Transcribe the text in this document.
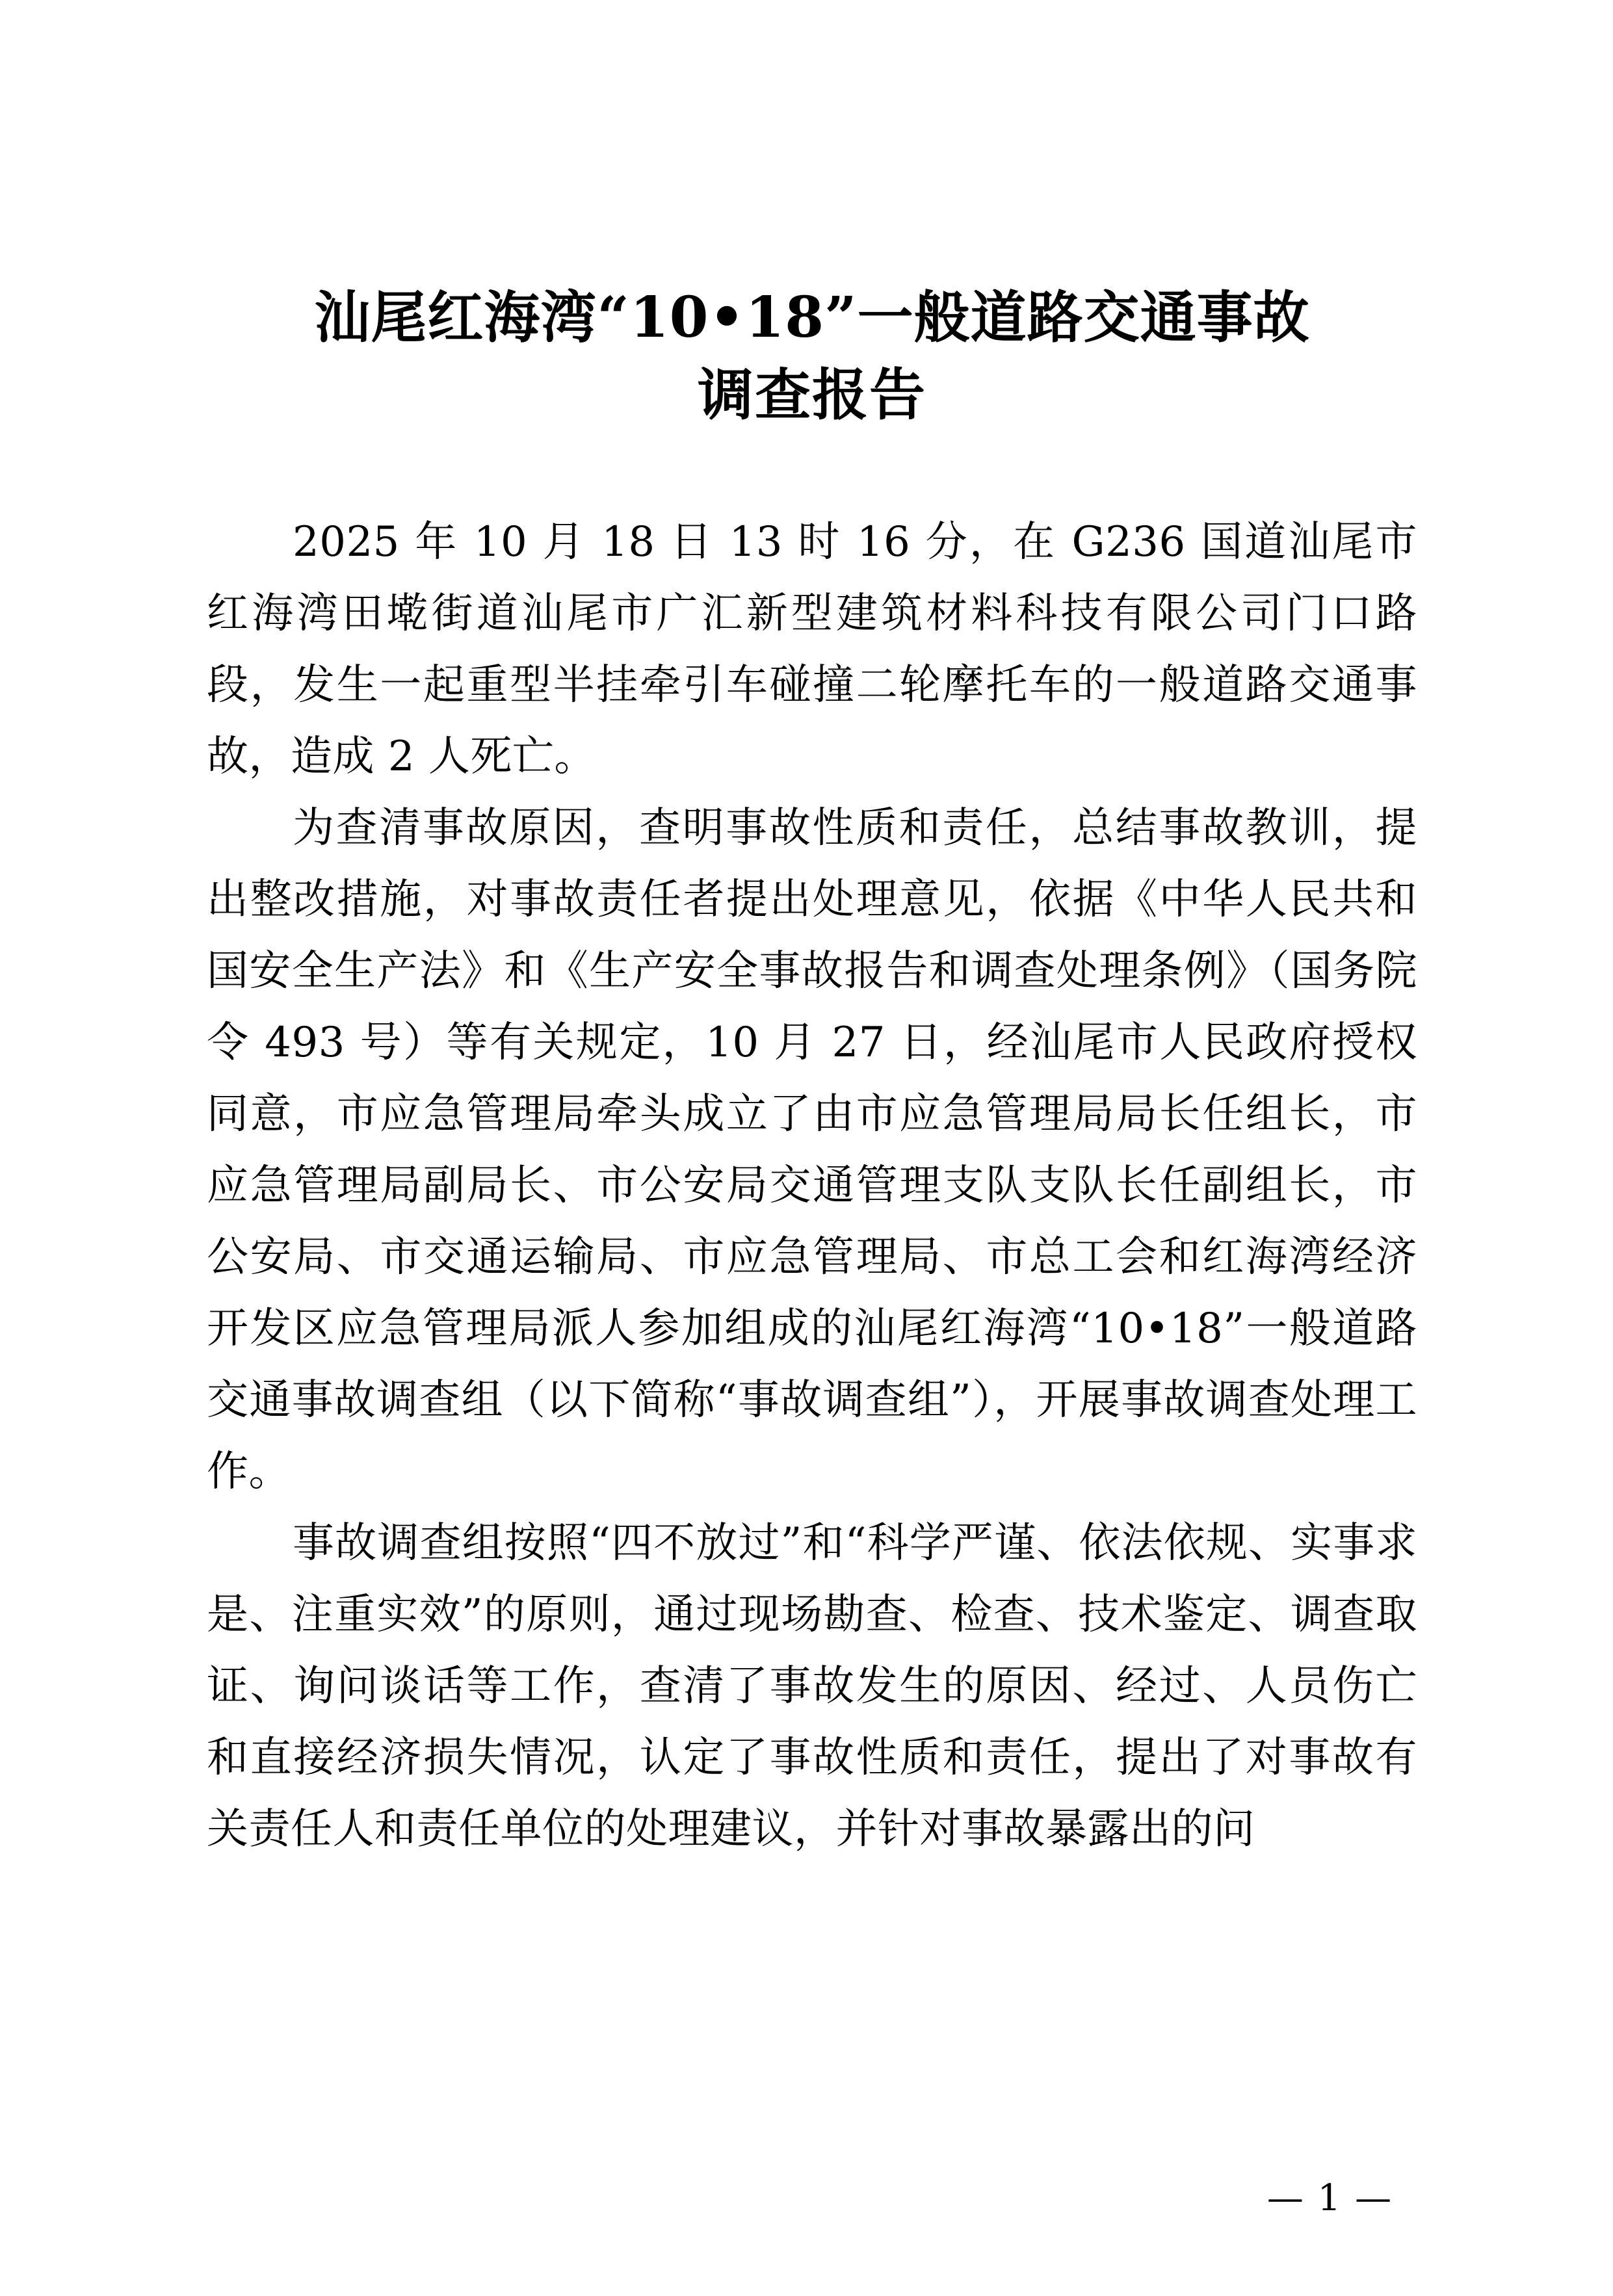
汕尾红海湾“10•18”一般道路交通事故
调查报告

2025 年 10 月 18 日 13 时 16 分，在 G236 国道汕尾市红海湾田墘街道汕尾市广汇新型建筑材料科技有限公司门口路段，发生一起重型半挂牵引车碰撞二轮摩托车的一般道路交通事故，造成 2 人死亡。

为查清事故原因，查明事故性质和责任，总结事故教训，提出整改措施，对事故责任者提出处理意见，依据《中华人民共和国安全生产法》和《生产安全事故报告和调查处理条例》（国务院令 493 号）等有关规定，10 月 27 日，经汕尾市人民政府授权同意，市应急管理局牵头成立了由市应急管理局局长任组长，市应急管理局副局长、市公安局交通管理支队支队长任副组长，市公安局、市交通运输局、市应急管理局、市总工会和红海湾经济开发区应急管理局派人参加组成的汕尾红海湾“10•18”一般道路交通事故调查组（以下简称“事故调查组”），开展事故调查处理工作。

事故调查组按照“四不放过”和“科学严谨、依法依规、实事求是、注重实效”的原则，通过现场勘查、检查、技术鉴定、调查取证、询问谈话等工作，查清了事故发生的原因、经过、人员伤亡和直接经济损失情况，认定了事故性质和责任，提出了对事故有关责任人和责任单位的处理建议，并针对事故暴露出的问

— 1 —
